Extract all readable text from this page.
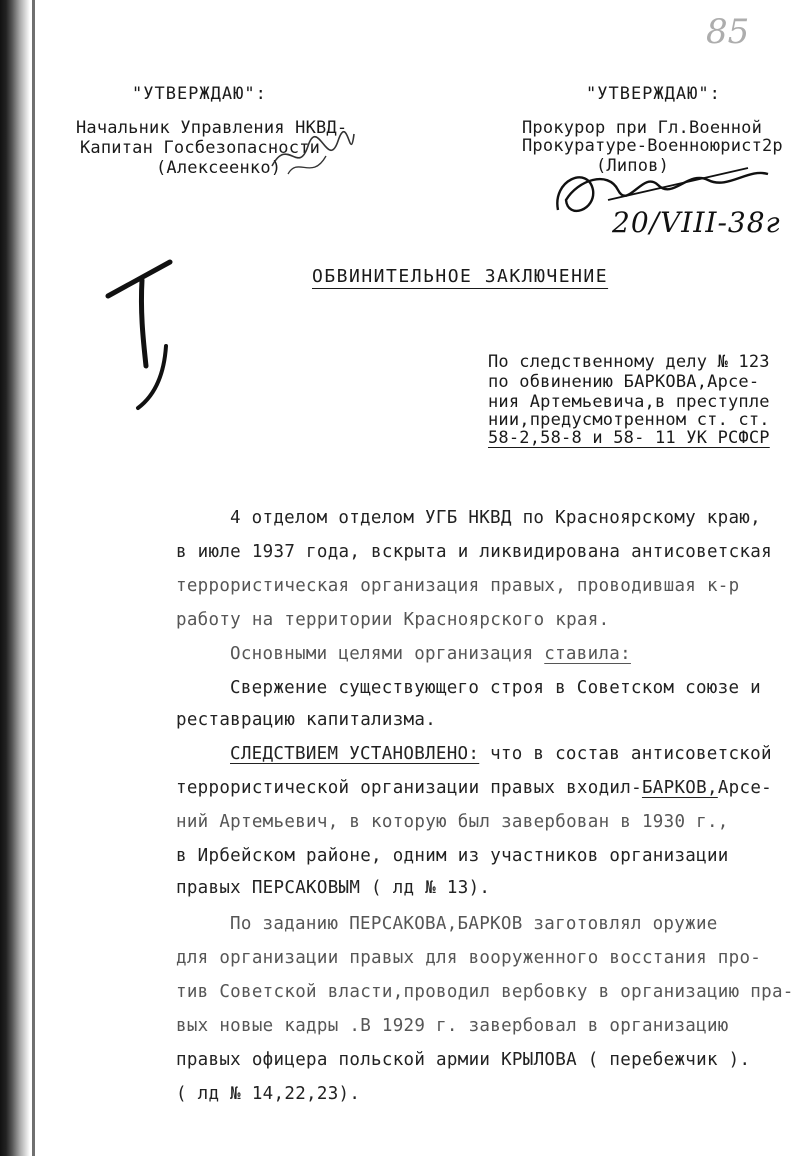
85
"УТВЕРЖДАЮ":
Начальник Управления НКВД-
Капитан Госбезопасности
(Алексеенко)
"УТВЕРЖДАЮ":
Прокурор при Гл.Военной
Прокуратуре-Военноюрист2р
(Липов)
20/VIII-38г
ОБВИНИТЕЛЬНОЕ ЗАКЛЮЧЕНИЕ
По следственному делу № 123
по обвинению БАРКОВА,Арсе-
ния Артемьевича,в преступле
нии,предусмотренном ст. ст.
58-2,58-8 и 58- 11 УК РСФСР
4 отделом отделом УГБ НКВД по Красноярскому краю,
в июле 1937 года, вскрыта и ликвидирована антисоветская
террористическая организация правых, проводившая к-р
работу на территории Красноярского края.
Основными целями организация ставила:
Свержение существующего строя в Советском союзе и
реставрацию капитализма.
СЛЕДСТВИЕМ УСТАНОВЛЕНО: что в состав антисоветской
террористической организации правых входил-БАРКОВ,Арсе-
ний Артемьевич, в которую был завербован в 1930 г.,
в Ирбейском районе, одним из участников организации
правых ПЕРСАКОВЫМ ( лд № 13).
По заданию ПЕРСАКОВА,БАРКОВ заготовлял оружие
для организации правых для вооруженного восстания про-
тив Советской власти,проводил вербовку в организацию пра-
вых новые кадры .В 1929 г. завербовал в организацию
правых офицера польской армии КРЫЛОВА ( перебежчик ).
( лд № 14,22,23).
